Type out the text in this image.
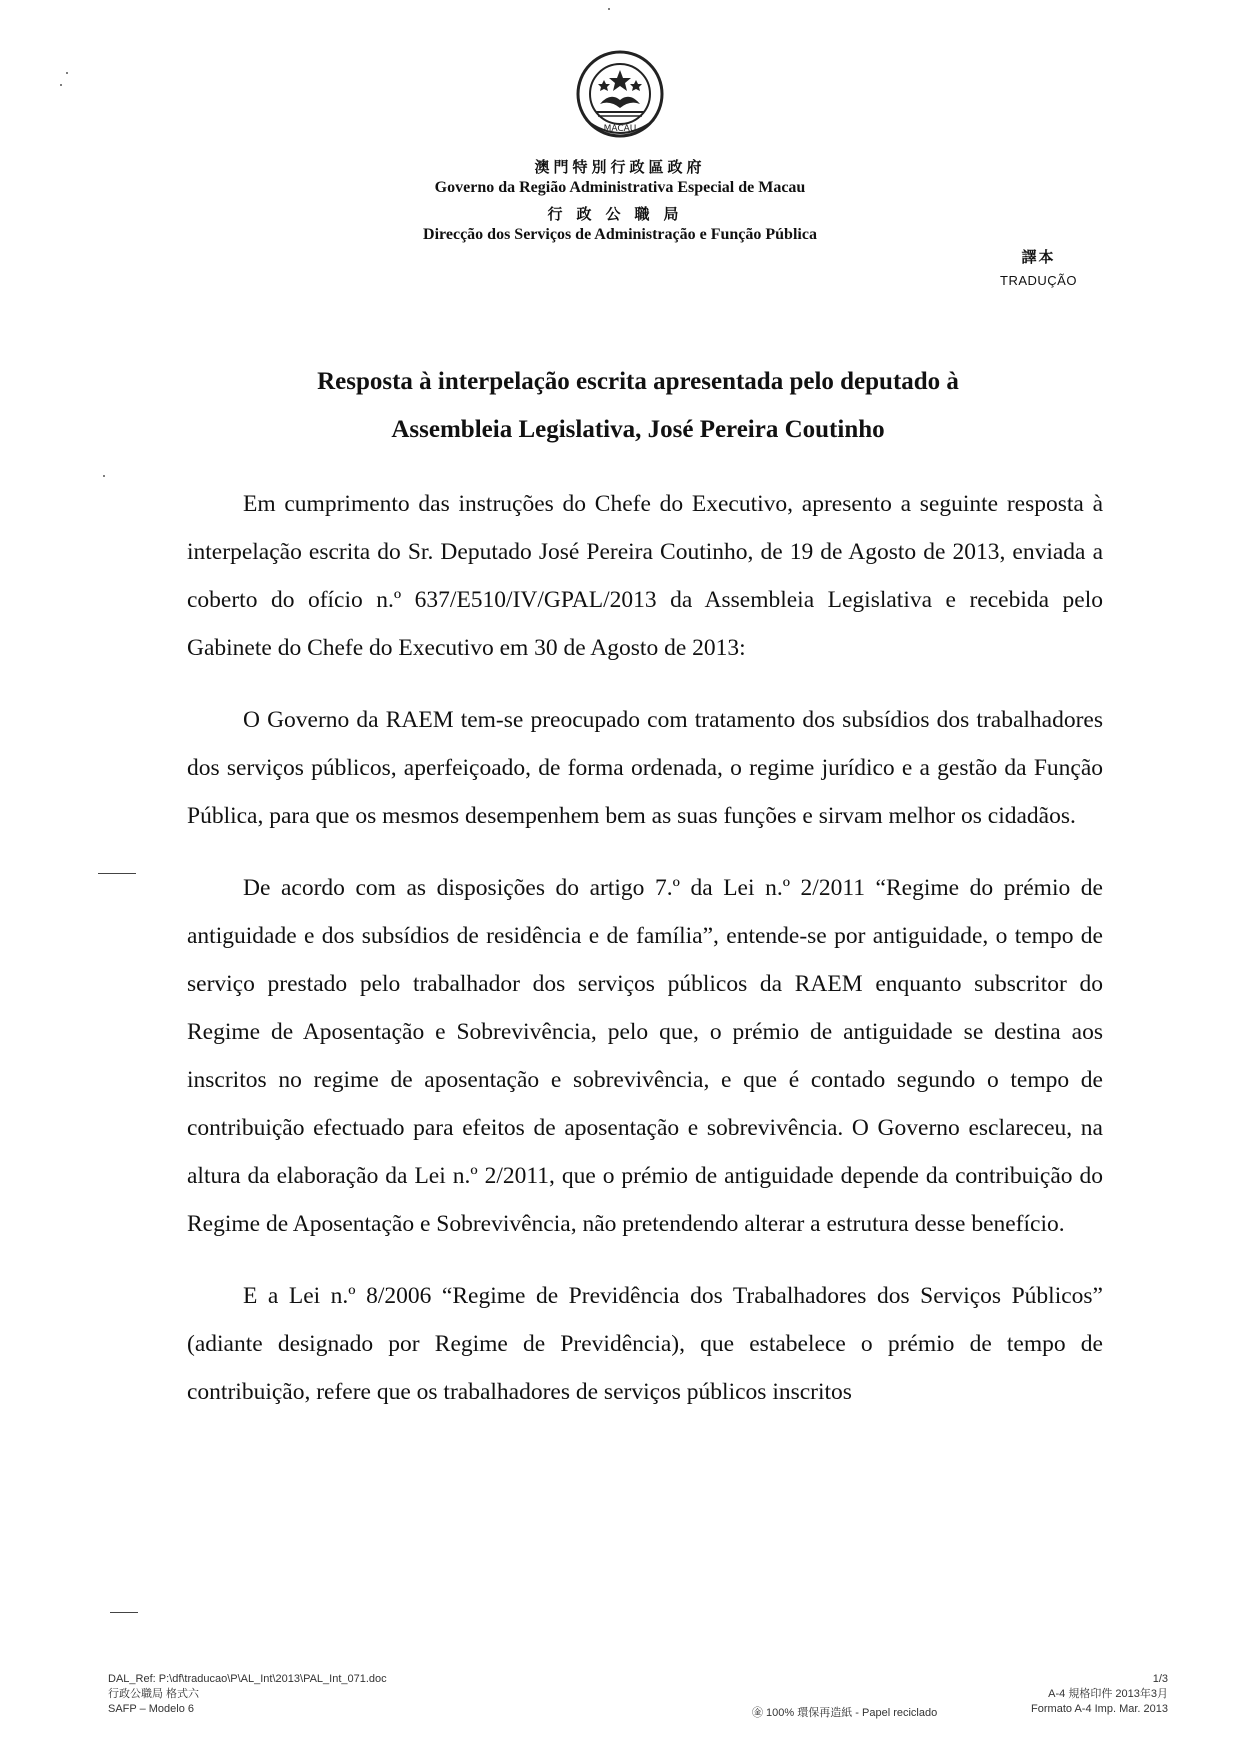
MACAU
澳門特別行政區政府
Governo da Região Administrativa Especial de Macau
行政公職局
Direcção dos Serviços de Administração e Função Pública
譯本
TRADUÇÃO
Resposta à interpelação escrita apresentada pelo deputado à
Assembleia Legislativa, José Pereira Coutinho

Em cumprimento das instruções do Chefe do Executivo, apresento a seguinte resposta à interpelação escrita do Sr. Deputado José Pereira Coutinho, de 19 de Agosto de 2013, enviada a coberto do ofício n.º 637/E510/IV/GPAL/2013 da Assembleia Legislativa e recebida pelo Gabinete do Chefe do Executivo em 30 de Agosto de 2013:

O Governo da RAEM tem-se preocupado com tratamento dos subsídios dos trabalhadores dos serviços públicos, aperfeiçoado, de forma ordenada, o regime jurídico e a gestão da Função Pública, para que os mesmos desempenhem bem as suas funções e sirvam melhor os cidadãos.

De acordo com as disposições do artigo 7.º da Lei n.º 2/2011 “Regime do prémio de antiguidade e dos subsídios de residência e de família”, entende-se por antiguidade, o tempo de serviço prestado pelo trabalhador dos serviços públicos da RAEM enquanto subscritor do Regime de Aposentação e Sobrevivência, pelo que, o prémio de antiguidade se destina aos inscritos no regime de aposentação e sobrevivência, e que é contado segundo o tempo de contribuição efectuado para efeitos de aposentação e sobrevivência. O Governo esclareceu, na altura da elaboração da Lei n.º 2/2011, que o prémio de antiguidade depende da contribuição do Regime de Aposentação e Sobrevivência, não pretendendo alterar a estrutura desse benefício.

E a Lei n.º 8/2006 “Regime de Previdência dos Trabalhadores dos Serviços Públicos” (adiante designado por Regime de Previdência), que estabelece o prémio de tempo de contribuição, refere que os trabalhadores de serviços públicos inscritos

DAL_Ref: P:\df\traducao\P\AL_Int\2013\PAL_Int_071.doc
行政公職局 格式六
SAFP – Modelo 6	㊎ 100% 環保再造紙 - Papel reciclado
1/3
A-4 規格印件 2013年3月
Formato A-4 Imp. Mar. 2013
